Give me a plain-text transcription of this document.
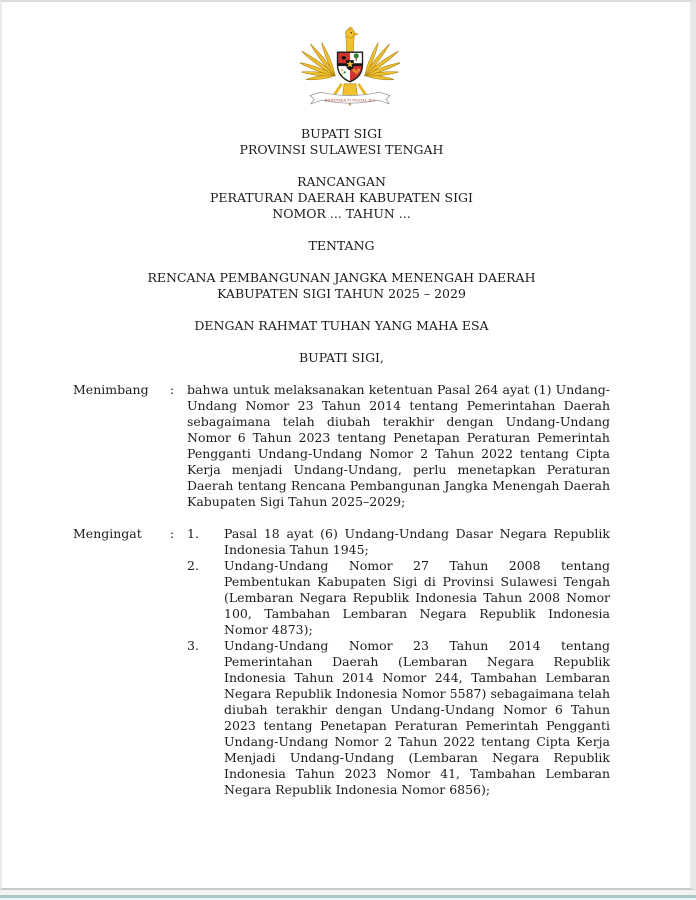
BHINNEKA TUNGGAL IKA
BUPATI SIGI
PROVINSI SULAWESI TENGAH
RANCANGAN
PERATURAN DAERAH KABUPATEN SIGI
NOMOR ... TAHUN ...
TENTANG
RENCANA PEMBANGUNAN JANGKA MENENGAH DAERAH
KABUPATEN SIGI TAHUN 2025 – 2029
DENGAN RAHMAT TUHAN YANG MAHA ESA
BUPATI SIGI,
Menimbang	:	bahwa untuk melaksanakan ketentuan Pasal 264 ayat (1) Undang-Undang Nomor 23 Tahun 2014 tentang Pemerintahan Daerah sebagaimana telah diubah terakhir dengan Undang-Undang Nomor 6 Tahun 2023 tentang Penetapan Peraturan Pemerintah Pengganti Undang-Undang Nomor 2 Tahun 2022 tentang Cipta Kerja menjadi Undang-Undang, perlu menetapkan Peraturan Daerah tentang Rencana Pembangunan Jangka Menengah Daerah Kabupaten Sigi Tahun 2025–2029;
Mengingat	:	1.	Pasal 18 ayat (6) Undang-Undang Dasar Negara Republik Indonesia Tahun 1945;
2.	Undang-Undang Nomor 27 Tahun 2008 tentang Pembentukan Kabupaten Sigi di Provinsi Sulawesi Tengah (Lembaran Negara Republik Indonesia Tahun 2008 Nomor 100, Tambahan Lembaran Negara Republik Indonesia Nomor 4873);
3.	Undang-Undang Nomor 23 Tahun 2014 tentang Pemerintahan Daerah (Lembaran Negara Republik Indonesia Tahun 2014 Nomor 244, Tambahan Lembaran Negara Republik Indonesia Nomor 5587) sebagaimana telah diubah terakhir dengan Undang-Undang Nomor 6 Tahun 2023 tentang Penetapan Peraturan Pemerintah Pengganti Undang-Undang Nomor 2 Tahun 2022 tentang Cipta Kerja Menjadi Undang-Undang (Lembaran Negara Republik Indonesia Tahun 2023 Nomor 41, Tambahan Lembaran Negara Republik Indonesia Nomor 6856);
